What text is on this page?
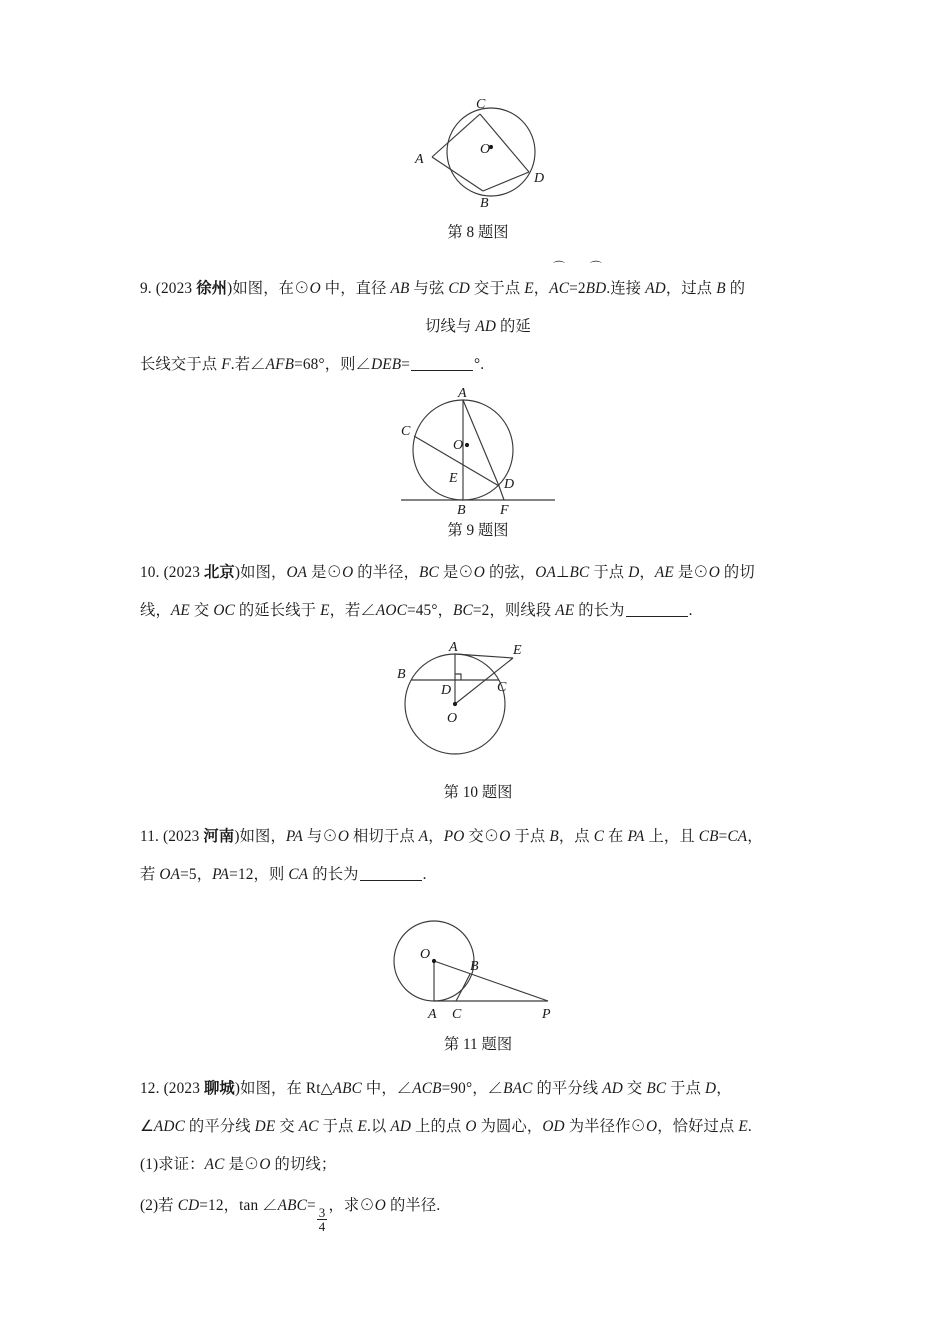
A
C
B
D
O
第 8 题图
9. (2023 徐州)如图，在⊙O 中，直径 AB 与弦 CD 交于点 E，
⌒
AC=2
⌒
BD.连接 AD，过点 B 的
切线与 AD 的延
长线交于点 F.若∠AFB=68°，则∠DEB=	°.
A
C
O
E	D
B F
第 9 题图
10. (2023 北京)如图，OA 是⊙O 的半径，BC 是⊙O 的弦，OA⊥BC 于点 D，AE 是⊙O 的切
线，AE 交 OC 的延长线于 E，若∠AOC=45°，BC=2，则线段 AE 的长为	.
A
B
E
C
D
O
第 10 题图
11. (2023 河南)如图，PA 与⊙O 相切于点 A，PO 交⊙O 于点 B，点 C 在 PA 上，且 CB=CA，
若 OA=5，PA=12，则 CA 的长为	.
O
B
A C	P
第 11 题图
12. (2023 聊城)如图，在 Rt△ABC 中，∠ACB=90°，∠BAC 的平分线 AD 交 BC 于点 D，
∠ADC 的平分线 DE 交 AC 于点 E.以 AD 上的点 O 为圆心，OD 为半径作⊙O，恰好过点 E.
(1)求证：AC 是⊙O 的切线；
(2)若 CD=12，tan ∠ABC=
$\frac{3}{4}$
，求⊙O 的半径.
